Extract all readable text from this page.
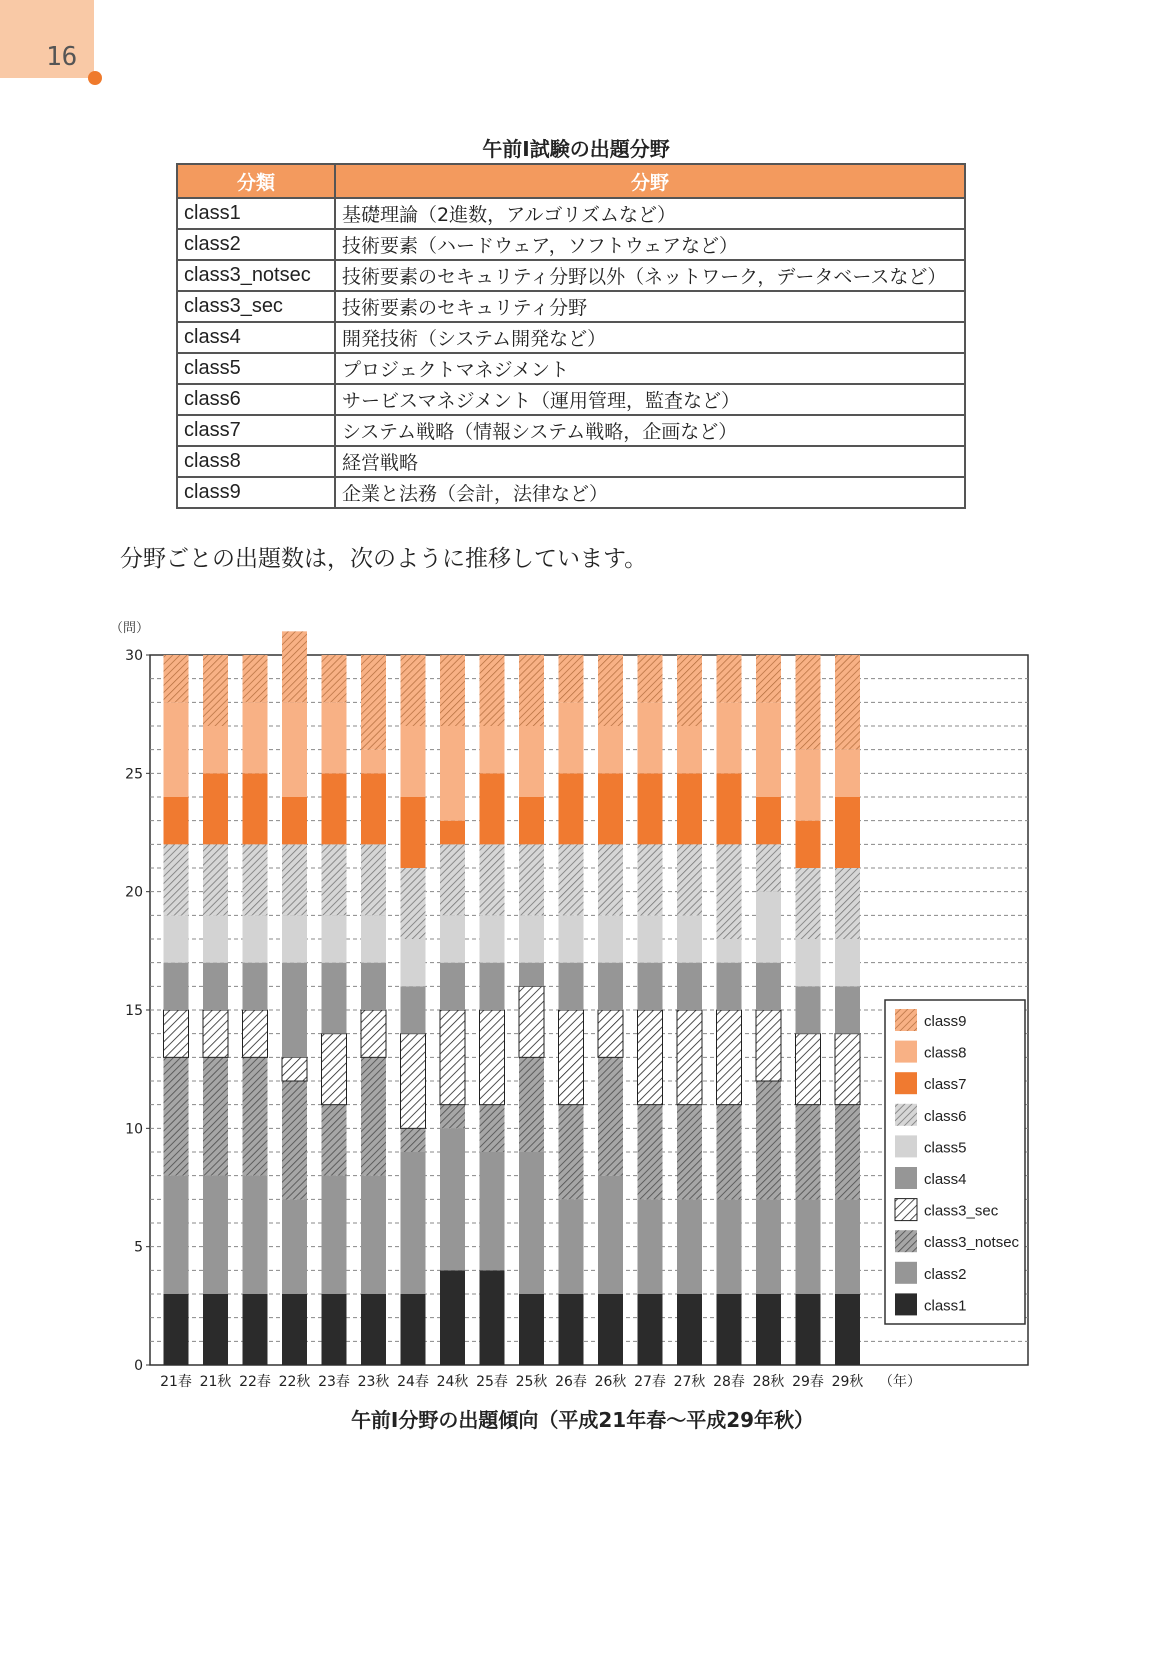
16
午前Ⅰ試験の出題分野
分類	分野
class1	基礎理論（2進数，アルゴリズムなど）
class2	技術要素（ハードウェア，ソフトウェアなど）
class3_notsec	技術要素のセキュリティ分野以外（ネットワーク，データベースなど）
class3_sec	技術要素のセキュリティ分野
class4	開発技術（システム開発など）
class5	プロジェクトマネジメント
class6	サービスマネジメント（運用管理，監査など）
class7	システム戦略（情報システム戦略，企画など）
class8	経営戦略
class9	企業と法務（会計，法律など）
分野ごとの出題数は，次のように推移しています。
21春 21秋 22春 22秋 23春 23秋 24春 24秋 25春 25秋 26春 26秋 27春 27秋 28春 28秋 29春 29秋 （年）
0
5
10
15
20
25
30
class9
class8
class7
class6
class5
class4
class3_sec
class3_notsec
class2
class1
（問）
午前Ⅰ分野の出題傾向（平成21年春～平成29年秋）
